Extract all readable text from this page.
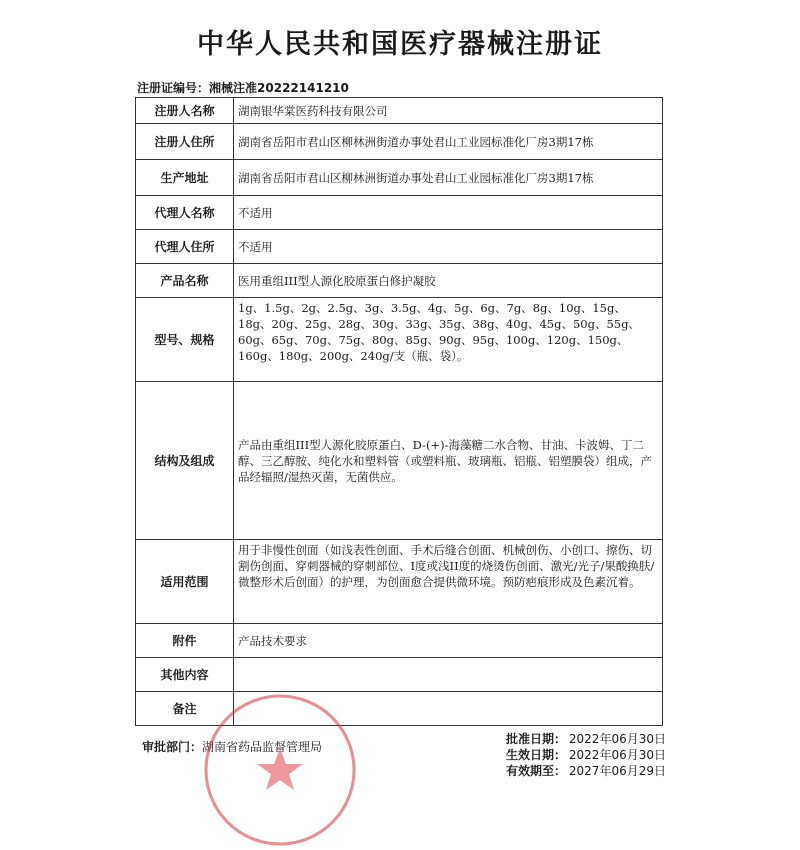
中华人民共和国医疗器械注册证
注册证编号：湘械注准20222141210
注册人名称	湖南银华棠医药科技有限公司
注册人住所	湖南省岳阳市君山区柳林洲街道办事处君山工业园标准化厂房3期17栋
生产地址	湖南省岳阳市君山区柳林洲街道办事处君山工业园标准化厂房3期17栋
代理人名称	不适用
代理人住所	不适用
产品名称	医用重组III型人源化胶原蛋白修护凝胶
型号、规格	1g、1.5g、2g、2.5g、3g、3.5g、4g、5g、6g、7g、8g、10g、15g、18g、20g、25g、28g、30g、33g、35g、38g、40g、45g、50g、55g、60g、65g、70g、75g、80g、85g、90g、95g、100g、120g、150g、160g、180g、200g、240g/支（瓶、袋）。
结构及组成	产品由重组III型人源化胶原蛋白、D-(+)-海藻糖二水合物、甘油、卡波姆、丁二醇、三乙醇胺、纯化水和塑料管（或塑料瓶、玻璃瓶、铝瓶、铝塑膜袋）组成，产品经辐照/湿热灭菌，无菌供应。
适用范围	用于非慢性创面（如浅表性创面、手术后缝合创面、机械创伤、小创口、擦伤、切割伤创面、穿刺器械的穿刺部位、I度或浅II度的烧烫伤创面、激光/光子/果酸换肤/微整形术后创面）的护理，为创面愈合提供微环境。预防疤痕形成及色素沉着。
附件	产品技术要求
其他内容	
备注	
审批部门：湖南省药品监督管理局
批准日期： 2022年06月30日
生效日期： 2022年06月30日
有效期至： 2027年06月29日
